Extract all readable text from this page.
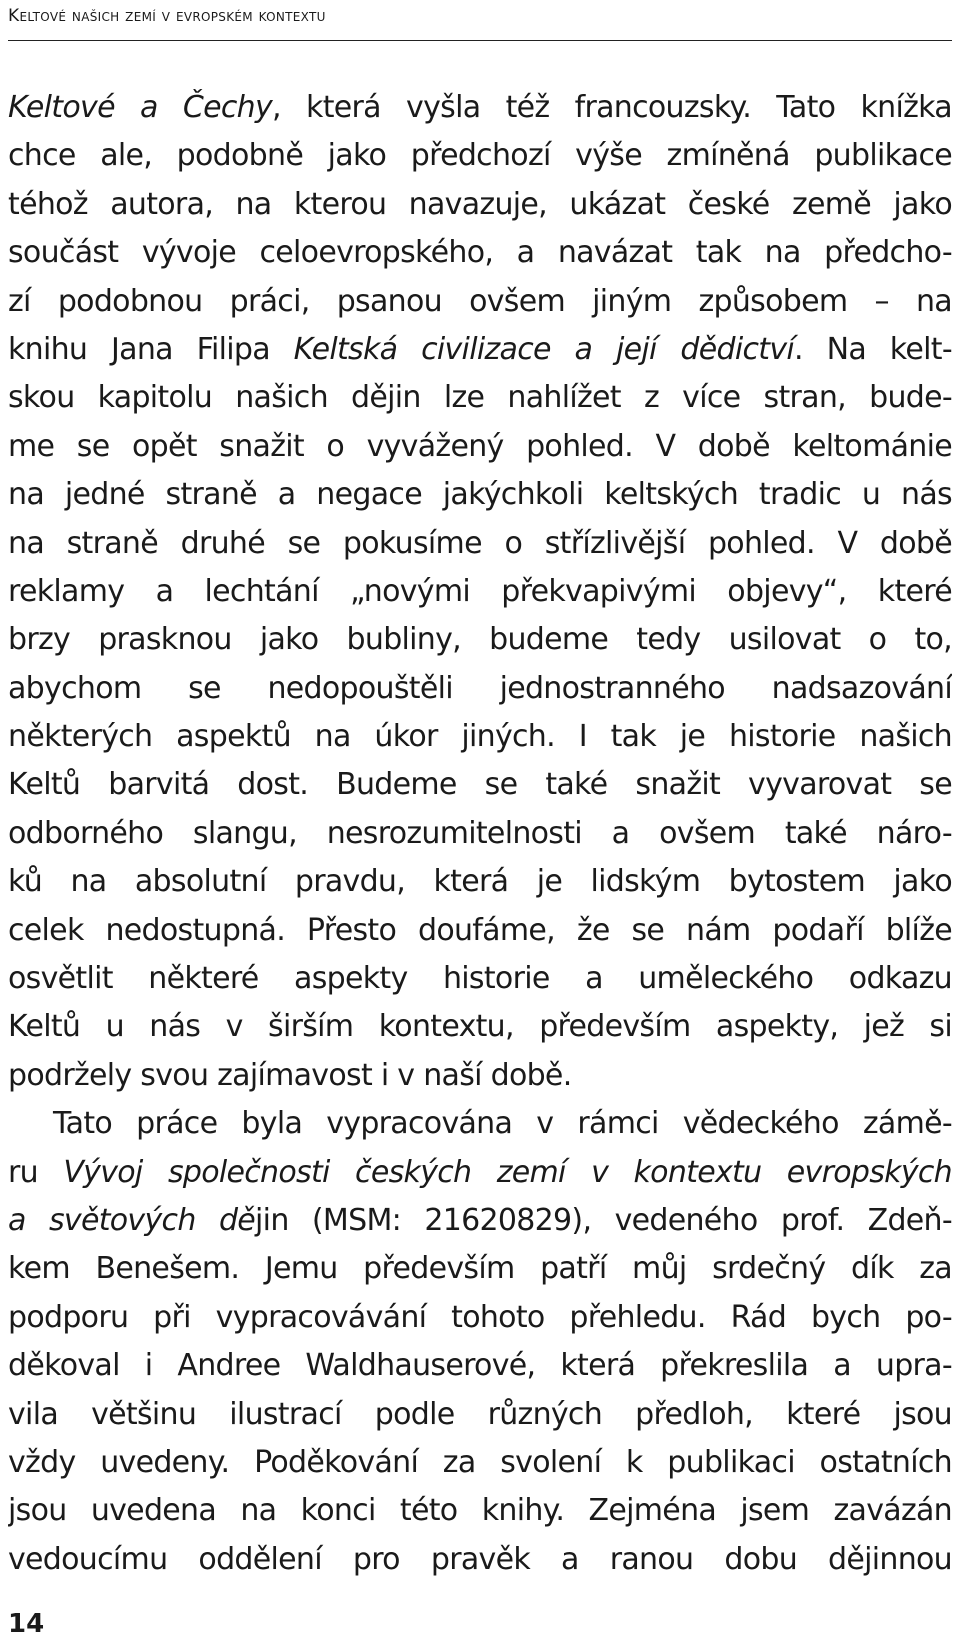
Keltové našich zemí v evropském kontextu
Keltové a Čechy, která vyšla též francouzsky. Tato knížka
chce ale, podobně jako předchozí výše zmíněná publikace
téhož autora, na kterou navazuje, ukázat české země jako
součást vývoje celoevropského, a navázat tak na předcho-
zí podobnou práci, psanou ovšem jiným způsobem – na
knihu Jana Filipa Keltská civilizace a její dědictví. Na kelt-
skou kapitolu našich dějin lze nahlížet z více stran, bude-
me se opět snažit o vyvážený pohled. V době keltománie
na jedné straně a negace jakýchkoli keltských tradic u nás
na straně druhé se pokusíme o střízlivější pohled. V době
reklamy a lechtání „novými překvapivými objevy“, které
brzy prasknou jako bubliny, budeme tedy usilovat o to,
abychom se nedopouštěli jednostranného nadsazování
některých aspektů na úkor jiných. I tak je historie našich
Keltů barvitá dost. Budeme se také snažit vyvarovat se
odborného slangu, nesrozumitelnosti a ovšem také náro-
ků na absolutní pravdu, která je lidským bytostem jako
celek nedostupná. Přesto doufáme, že se nám podaří blíže
osvětlit některé aspekty historie a uměleckého odkazu
Keltů u nás v širším kontextu, především aspekty, jež si
podržely svou zajímavost i v naší době.
Tato práce byla vypracována v rámci vědeckého zámě-
ru Vývoj společnosti českých zemí v kontextu evropských
a světových dějin (MSM: 21620829), vedeného prof. Zdeň-
kem Benešem. Jemu především patří můj srdečný dík za
podporu při vypracovávání tohoto přehledu. Rád bych po-
děkoval i Andree Waldhauserové, která překreslila a upra-
vila většinu ilustrací podle různých předloh, které jsou
vždy uvedeny. Poděkování za svolení k publikaci ostatních
jsou uvedena na konci této knihy. Zejména jsem zavázán
vedoucímu oddělení pro pravěk a ranou dobu dějinnou
14
